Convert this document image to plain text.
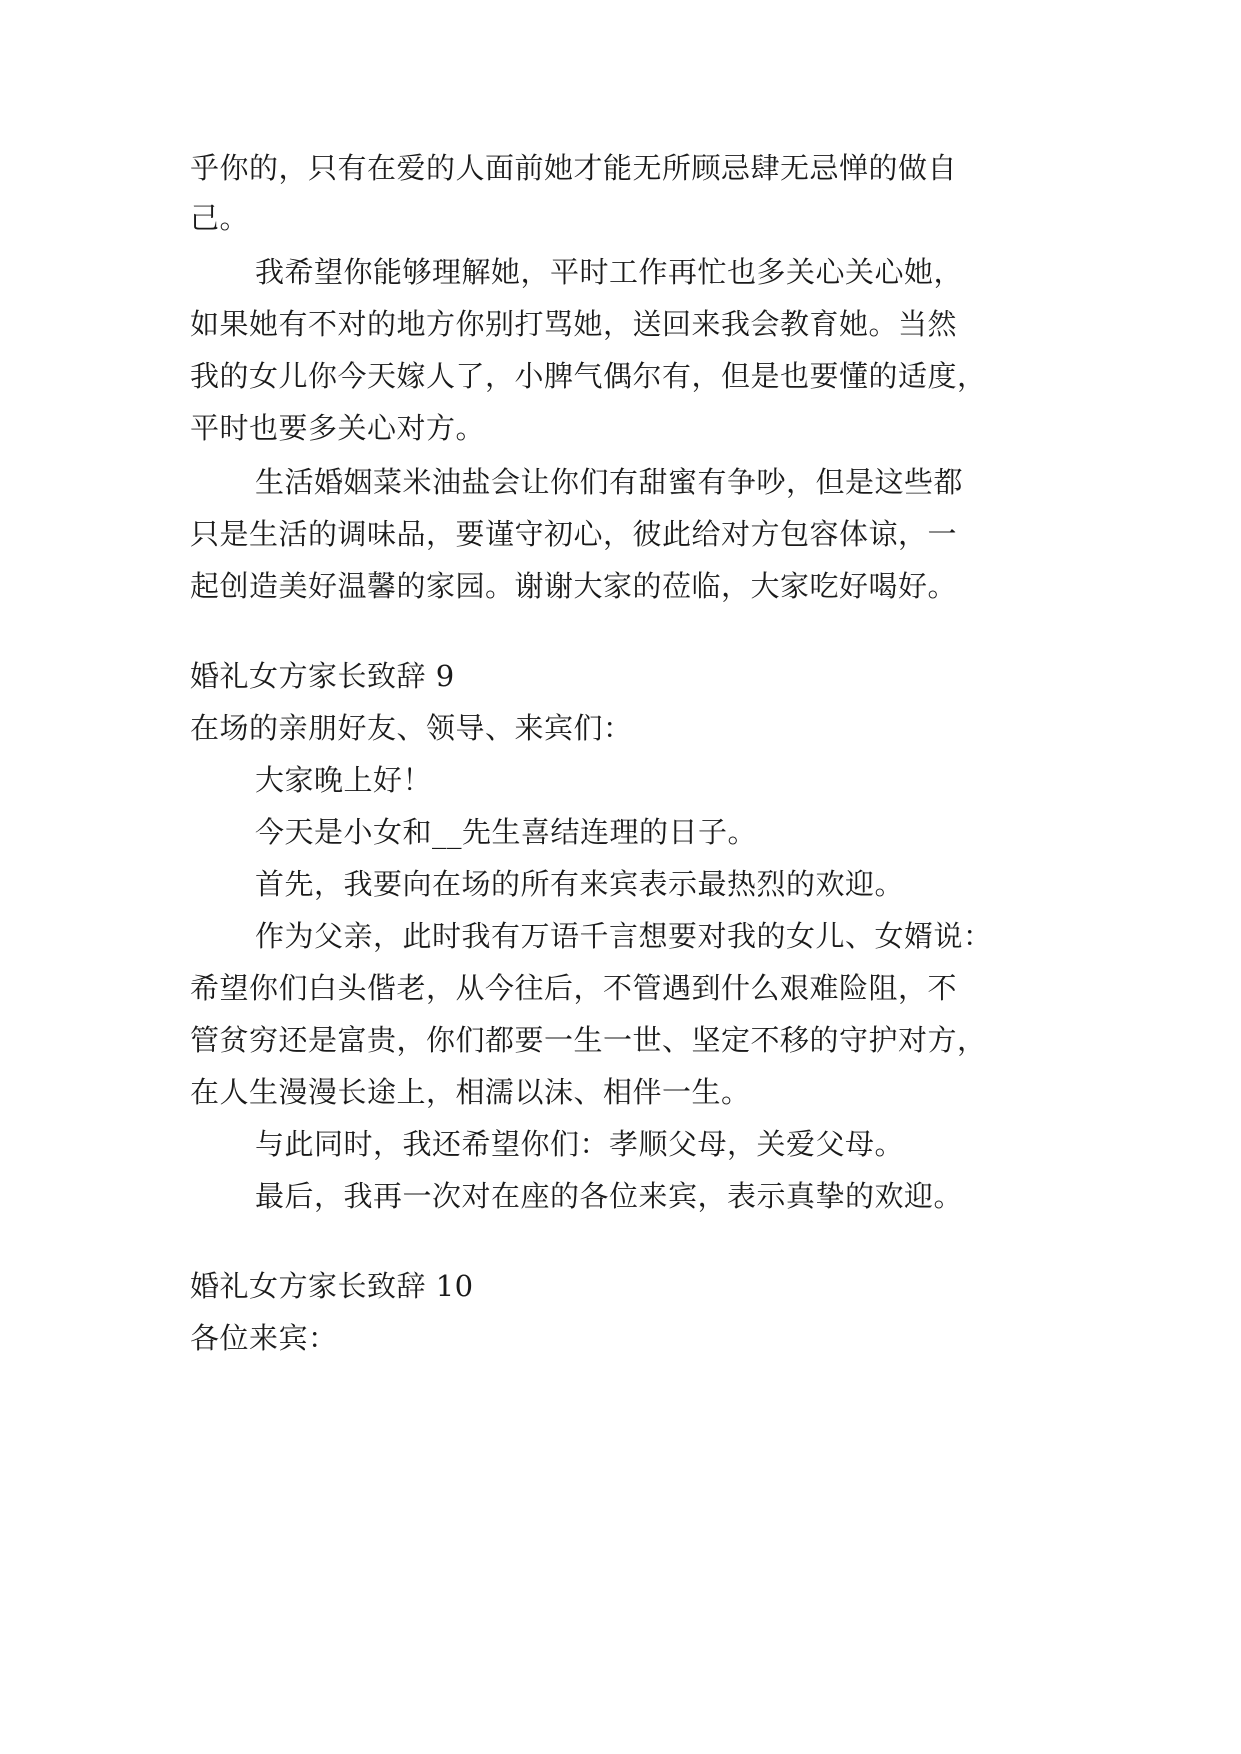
乎你的，只有在爱的人面前她才能无所顾忌肆无忌惮的做自
己。
我希望你能够理解她，平时工作再忙也多关心关心她，
如果她有不对的地方你别打骂她，送回来我会教育她。当然
我的女儿你今天嫁人了，小脾气偶尔有，但是也要懂的适度，
平时也要多关心对方。
生活婚姻菜米油盐会让你们有甜蜜有争吵，但是这些都
只是生活的调味品，要谨守初心，彼此给对方包容体谅，一
起创造美好温馨的家园。谢谢大家的莅临，大家吃好喝好。
婚礼女方家长致辞 9
在场的亲朋好友、领导、来宾们：
大家晚上好！
今天是小女和__先生喜结连理的日子。
首先，我要向在场的所有来宾表示最热烈的欢迎。
作为父亲，此时我有万语千言想要对我的女儿、女婿说：
希望你们白头偕老，从今往后，不管遇到什么艰难险阻，不
管贫穷还是富贵，你们都要一生一世、坚定不移的守护对方，
在人生漫漫长途上，相濡以沫、相伴一生。
与此同时，我还希望你们：孝顺父母，关爱父母。
最后，我再一次对在座的各位来宾，表示真挚的欢迎。
婚礼女方家长致辞 10
各位来宾：
